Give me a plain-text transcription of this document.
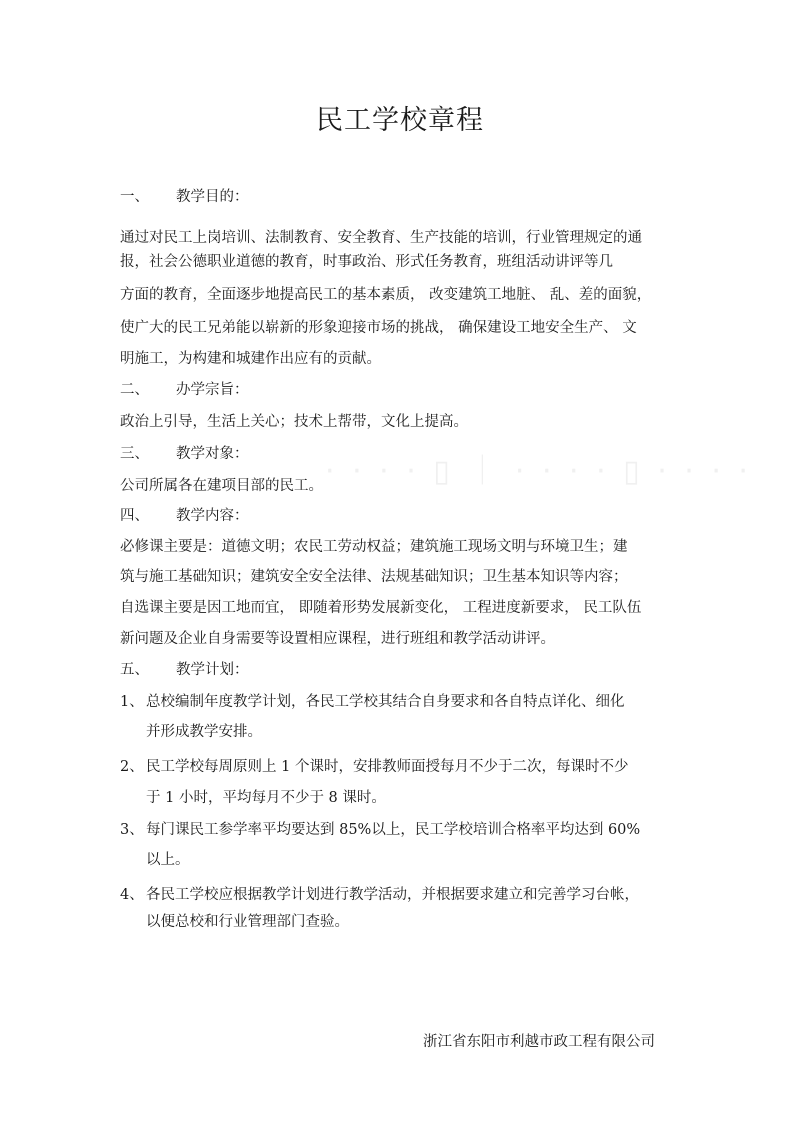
· · · · ▯ ｜ · · · · ▯ · · · ·
民工学校章程
一、 教学目的：
通过对民工上岗培训、法制教育、安全教育、生产技能的培训，行业管理规定的通
报，社会公德职业道德的教育，时事政治、形式任务教育，班组活动讲评等几
方面的教育，全面逐步地提高民工的基本素质， 改变建筑工地脏、 乱、差的面貌，
使广大的民工兄弟能以崭新的形象迎接市场的挑战， 确保建设工地安全生产、 文
明施工，为构建和城建作出应有的贡献。
二、 办学宗旨：
政治上引导，生活上关心；技术上帮带，文化上提高。
三、 教学对象：
公司所属各在建项目部的民工。
四、 教学内容：
必修课主要是：道德文明；农民工劳动权益；建筑施工现场文明与环境卫生；建
筑与施工基础知识；建筑安全安全法律、法规基础知识；卫生基本知识等内容；
自选课主要是因工地而宜， 即随着形势发展新变化， 工程进度新要求， 民工队伍
新问题及企业自身需要等设置相应课程，进行班组和教学活动讲评。
五、 教学计划：
1、 总校编制年度教学计划，各民工学校其结合自身要求和各自特点详化、细化
并形成教学安排。
2、 民工学校每周原则上 1 个课时，安排教师面授每月不少于二次，每课时不少
于 1 小时，平均每月不少于 8 课时。
3、 每门课民工参学率平均要达到 85%以上，民工学校培训合格率平均达到 60%
以上。
4、 各民工学校应根据教学计划进行教学活动，并根据要求建立和完善学习台帐，
以便总校和行业管理部门查验。
浙江省东阳市利越市政工程有限公司
